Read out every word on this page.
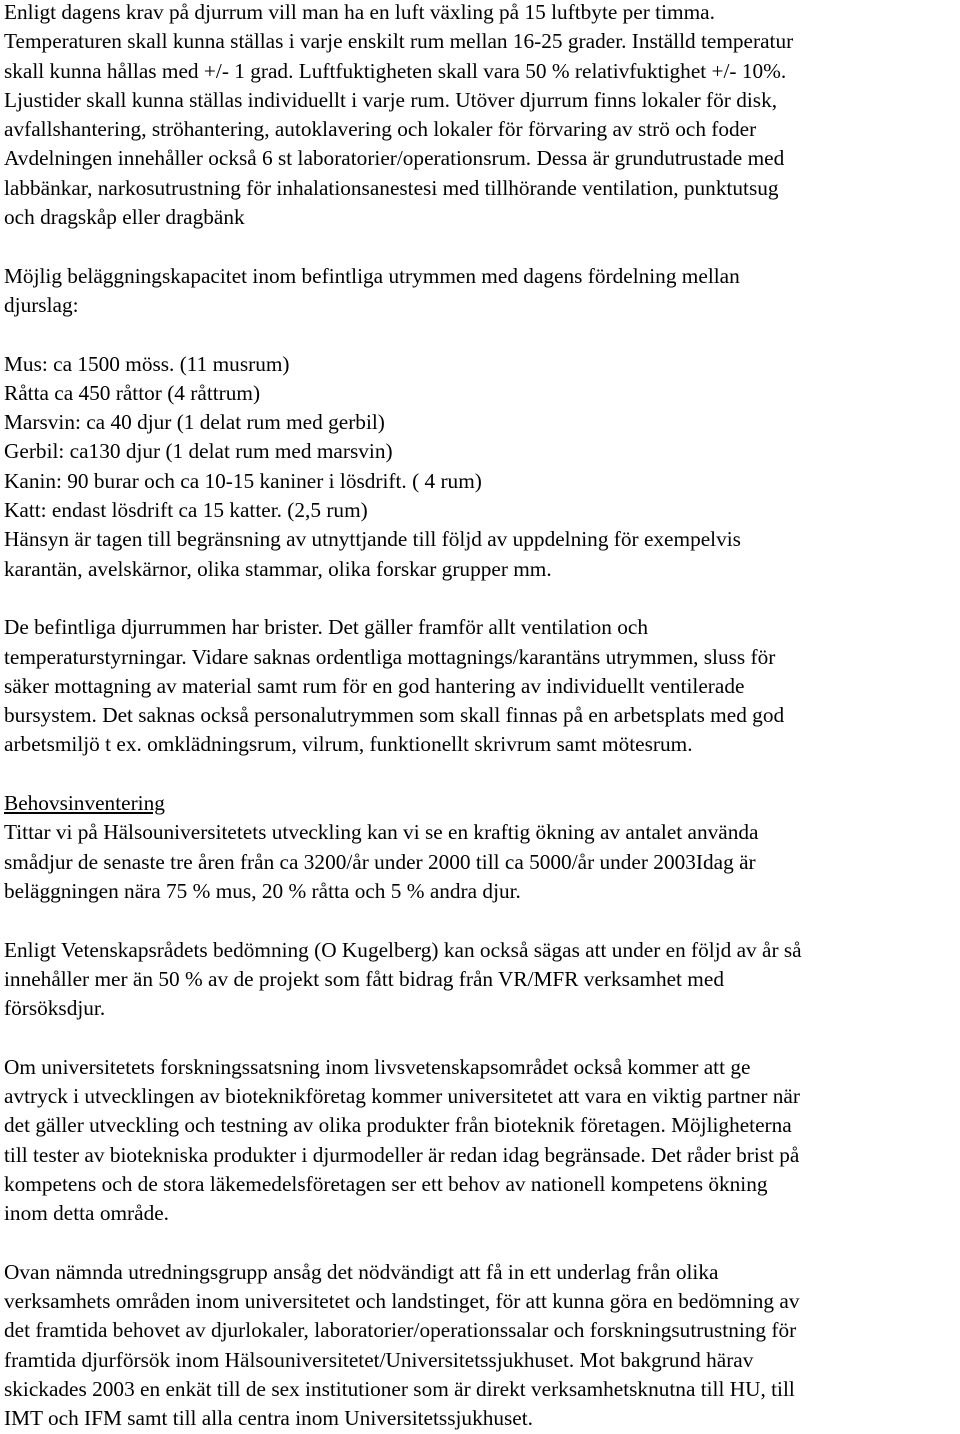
Enligt dagens krav på djurrum vill man ha en luft växling på 15 luftbyte per timma.
Temperaturen skall kunna ställas i varje enskilt rum mellan 16-25 grader. Inställd temperatur
skall kunna hållas med +/- 1 grad. Luftfuktigheten skall vara 50 % relativfuktighet +/- 10%.
Ljustider skall kunna ställas individuellt i varje rum. Utöver djurrum finns lokaler för disk,
avfallshantering, ströhantering, autoklavering och lokaler för förvaring av strö och foder
Avdelningen innehåller också 6 st laboratorier/operationsrum. Dessa är grundutrustade med
labbänkar, narkosutrustning för inhalationsanestesi med tillhörande ventilation, punktutsug
och dragskåp eller dragbänk
Möjlig beläggningskapacitet inom befintliga utrymmen med dagens fördelning mellan
djurslag:
Mus: ca 1500 möss. (11 musrum)
Råtta ca 450 råttor (4 råttrum)
Marsvin: ca 40 djur (1 delat rum med gerbil)
Gerbil: ca130 djur (1 delat rum med marsvin)
Kanin: 90 burar och ca 10-15 kaniner i lösdrift. ( 4 rum)
Katt: endast lösdrift ca 15 katter. (2,5 rum)
Hänsyn är tagen till begränsning av utnyttjande till följd av uppdelning för exempelvis
karantän, avelskärnor, olika stammar, olika forskar grupper mm.
De befintliga djurrummen har brister. Det gäller framför allt ventilation och
temperaturstyrningar. Vidare saknas ordentliga mottagnings/karantäns utrymmen, sluss för
säker mottagning av material samt rum för en god hantering av individuellt ventilerade
bursystem. Det saknas också personalutrymmen som skall finnas på en arbetsplats med god
arbetsmiljö t ex. omklädningsrum, vilrum, funktionellt skrivrum samt mötesrum.
Behovsinventering
Tittar vi på Hälsouniversitetets utveckling kan vi se en kraftig ökning av antalet använda
smådjur de senaste tre åren från ca 3200/år under 2000 till ca 5000/år under 2003Idag är
beläggningen nära 75 % mus, 20 % råtta och 5 % andra djur.
Enligt Vetenskapsrådets bedömning (O Kugelberg) kan också sägas att under en följd av år så
innehåller mer än 50 % av de projekt som fått bidrag från VR/MFR verksamhet med
försöksdjur.
Om universitetets forskningssatsning inom livsvetenskapsområdet också kommer att ge
avtryck i utvecklingen av bioteknikföretag kommer universitetet att vara en viktig partner när
det gäller utveckling och testning av olika produkter från bioteknik företagen. Möjligheterna
till tester av biotekniska produkter i djurmodeller är redan idag begränsade. Det råder brist på
kompetens och de stora läkemedelsföretagen ser ett behov av nationell kompetens ökning
inom detta område.
Ovan nämnda utredningsgrupp ansåg det nödvändigt att få in ett underlag från olika
verksamhets områden inom universitetet och landstinget, för att kunna göra en bedömning av
det framtida behovet av djurlokaler, laboratorier/operationssalar och forskningsutrustning för
framtida djurförsök inom Hälsouniversitetet/Universitetssjukhuset. Mot bakgrund härav
skickades 2003 en enkät till de sex institutioner som är direkt verksamhetsknutna till HU, till
IMT och IFM samt till alla centra inom Universitetssjukhuset.
